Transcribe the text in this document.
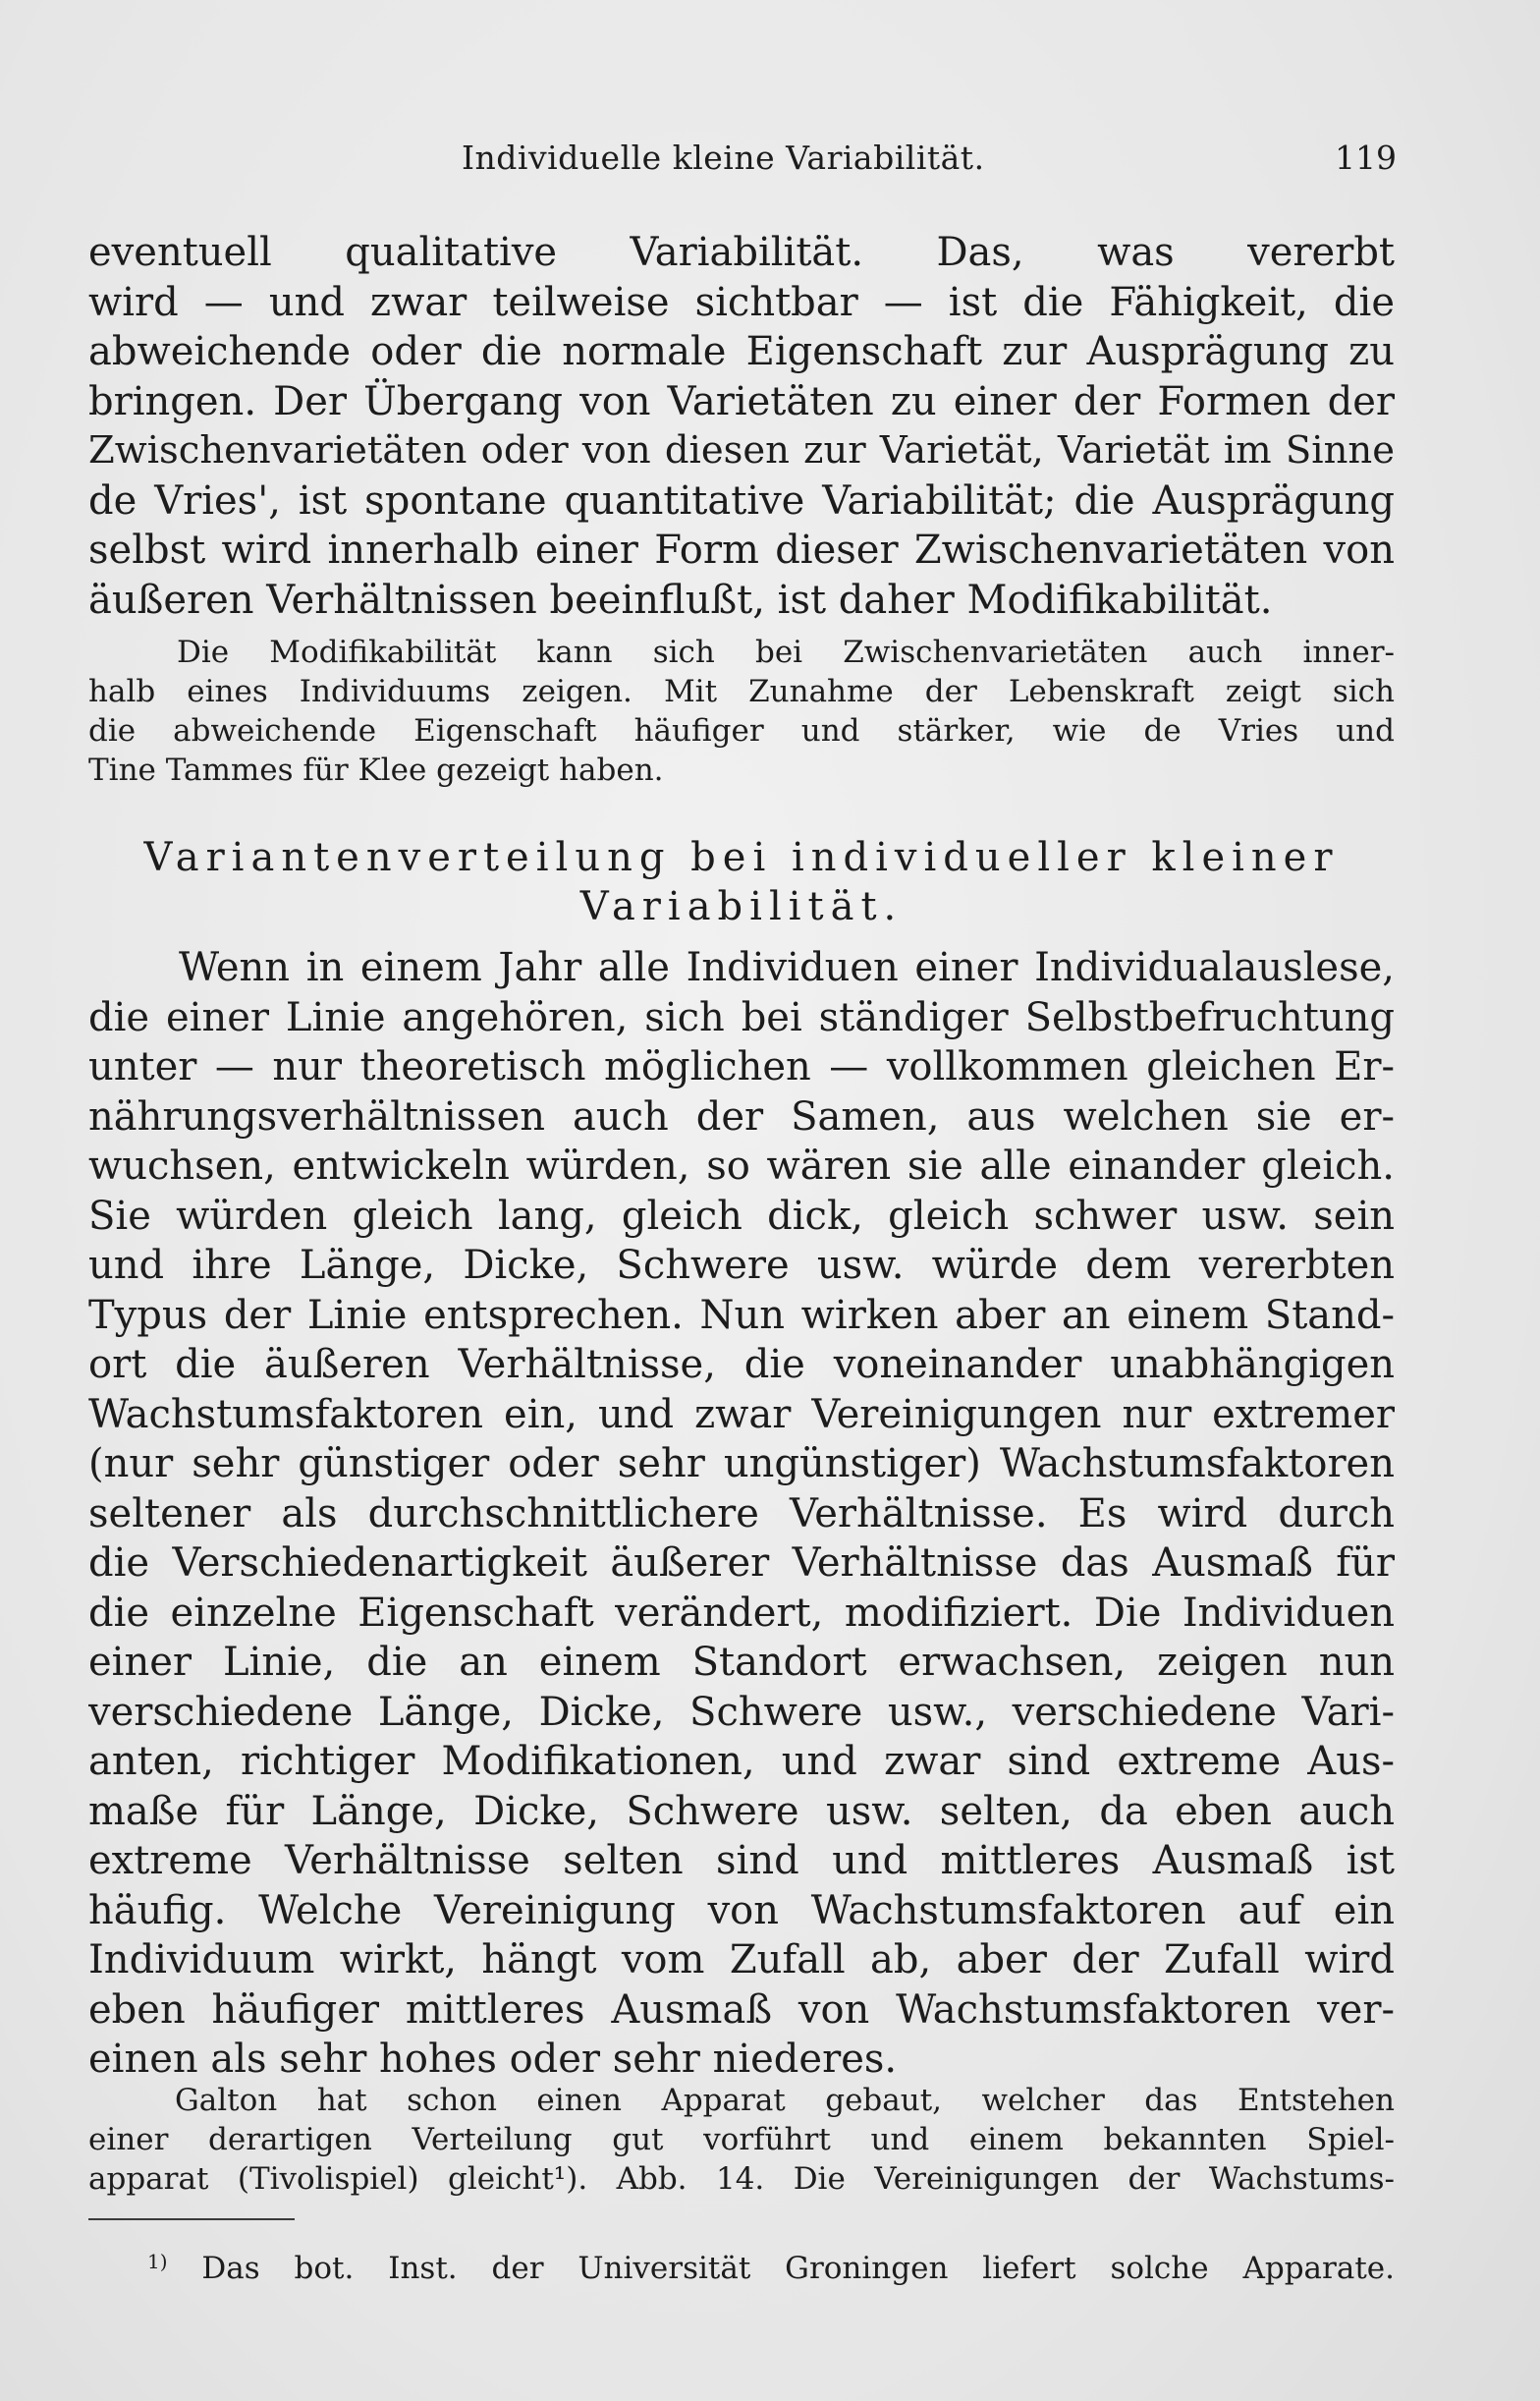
Individuelle kleine Variabilität.	119
eventuell qualitative Variabilität. Das, was vererbt
wird — und zwar teilweise sichtbar — ist die Fähigkeit, die
abweichende oder die normale Eigenschaft zur Ausprägung zu
bringen. Der Übergang von Varietäten zu einer der Formen der
Zwischenvarietäten oder von diesen zur Varietät, Varietät im Sinne
de Vries', ist spontane quantitative Variabilität; die Ausprägung
selbst wird innerhalb einer Form dieser Zwischenvarietäten von
äußeren Verhältnissen beeinflußt, ist daher Modifikabilität.
Die Modifikabilität kann sich bei Zwischenvarietäten auch inner-
halb eines Individuums zeigen. Mit Zunahme der Lebenskraft zeigt sich
die abweichende Eigenschaft häufiger und stärker, wie de Vries und
Tine Tammes für Klee gezeigt haben.
Variantenverteilung bei individueller kleiner
Variabilität.
Wenn in einem Jahr alle Individuen einer Individualauslese,
die einer Linie angehören, sich bei ständiger Selbstbefruchtung
unter — nur theoretisch möglichen — vollkommen gleichen Er-
nährungsverhältnissen auch der Samen, aus welchen sie er-
wuchsen, entwickeln würden, so wären sie alle einander gleich.
Sie würden gleich lang, gleich dick, gleich schwer usw. sein
und ihre Länge, Dicke, Schwere usw. würde dem vererbten
Typus der Linie entsprechen. Nun wirken aber an einem Stand-
ort die äußeren Verhältnisse, die voneinander unabhängigen
Wachstumsfaktoren ein, und zwar Vereinigungen nur extremer
(nur sehr günstiger oder sehr ungünstiger) Wachstumsfaktoren
seltener als durchschnittlichere Verhältnisse. Es wird durch
die Verschiedenartigkeit äußerer Verhältnisse das Ausmaß für
die einzelne Eigenschaft verändert, modifiziert. Die Individuen
einer Linie, die an einem Standort erwachsen, zeigen nun
verschiedene Länge, Dicke, Schwere usw., verschiedene Vari-
anten, richtiger Modifikationen, und zwar sind extreme Aus-
maße für Länge, Dicke, Schwere usw. selten, da eben auch
extreme Verhältnisse selten sind und mittleres Ausmaß ist
häufig. Welche Vereinigung von Wachstumsfaktoren auf ein
Individuum wirkt, hängt vom Zufall ab, aber der Zufall wird
eben häufiger mittleres Ausmaß von Wachstumsfaktoren ver-
einen als sehr hohes oder sehr niederes.
Galton hat schon einen Apparat gebaut, welcher das Entstehen
einer derartigen Verteilung gut vorführt und einem bekannten Spiel-
apparat (Tivolispiel) gleicht¹). Abb. 14. Die Vereinigungen der Wachstums-
$^{1)}$ Das bot. Inst. der Universität Groningen liefert solche Apparate.
